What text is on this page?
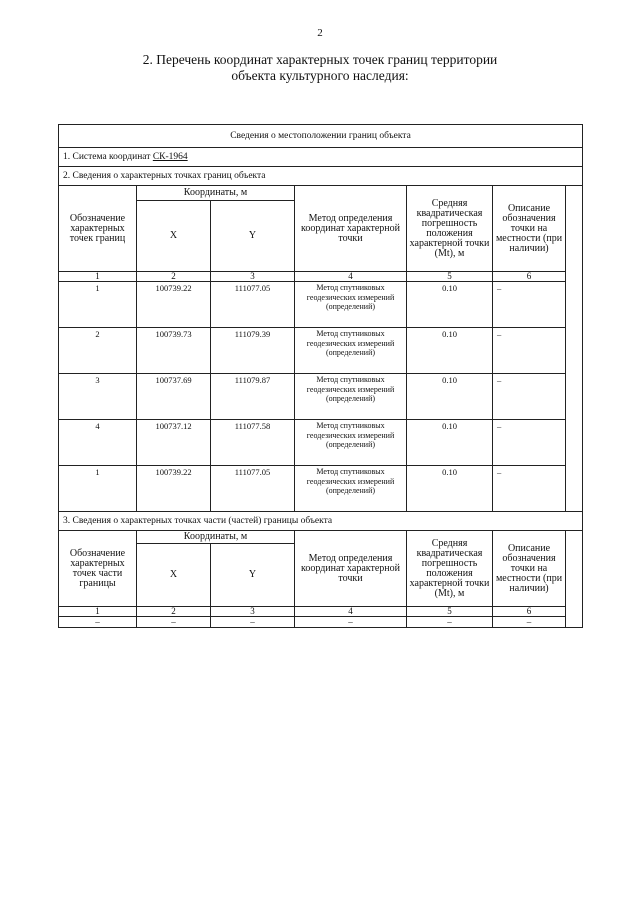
2
2. Перечень координат характерных точек границ территории
объекта культурного наследия:

Сведения о местоположении границ объекта						
1. Система координат СК-1964						
2. Сведения о характерных точках границ объекта						
Обозначение характерных точек границ	Координаты, м		Метод определения координат характерной точки	Средняя квадратическая погрешность положения характерной точки (Mt), м	Описание обозначения точки на местности (при наличии)	
	X	Y				
1	2	3	4	5	6	
1	100739.22	111077.05	Метод спутниковых геодезических измерений (определений)	0.10	–	
2	100739.73	111079.39	Метод спутниковых геодезических измерений (определений)	0.10	–	
3	100737.69	111079.87	Метод спутниковых геодезических измерений (определений)	0.10	–	
4	100737.12	111077.58	Метод спутниковых геодезических измерений (определений)	0.10	–	
1	100739.22	111077.05	Метод спутниковых геодезических измерений (определений)	0.10	–	
3. Сведения о характерных точках части (частей) границы объекта						
Обозначение характерных точек части границы	Координаты, м		Метод определения координат характерной точки	Средняя квадратическая погрешность положения характерной точки (Mt), м	Описание обозначения точки на местности (при наличии)	
	X	Y				
1	2	3	4	5	6	
–	–	–	–	–	–	
